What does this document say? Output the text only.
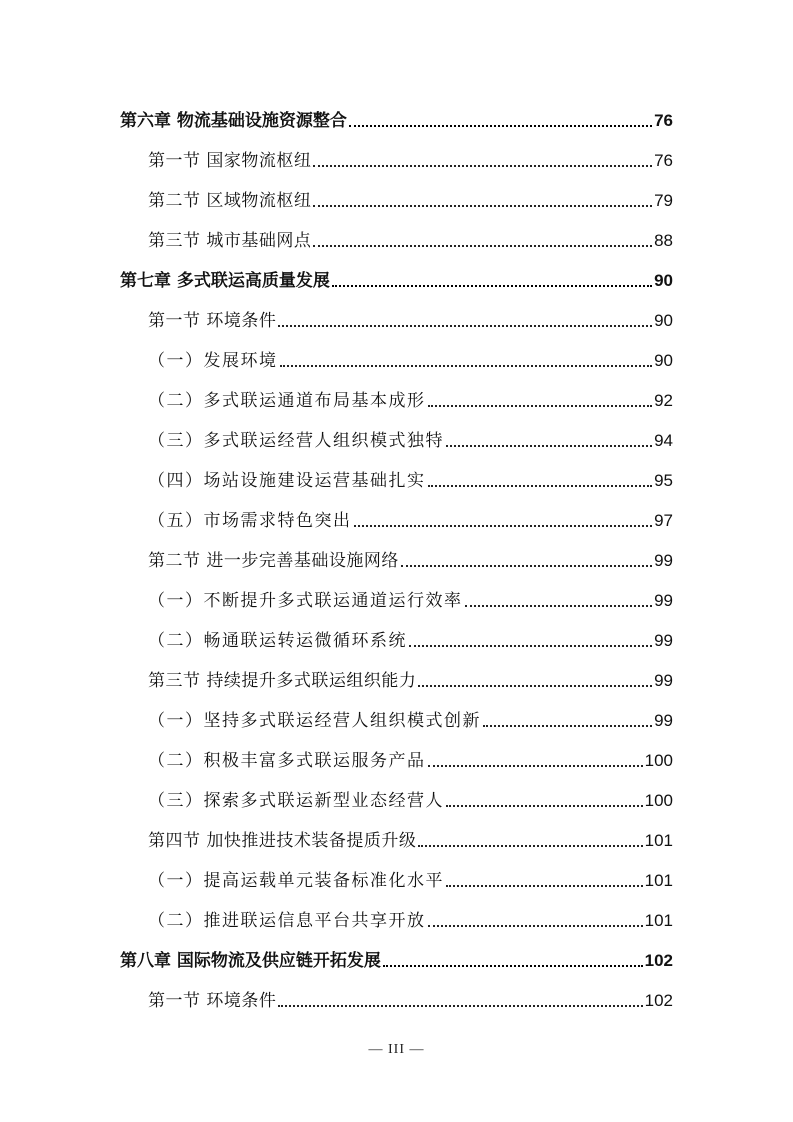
第六章 物流基础设施资源整合	76
第一节 国家物流枢纽	76
第二节 区域物流枢纽	79
第三节 城市基础网点	88
第七章 多式联运高质量发展	90
第一节 环境条件	90
（一）发展环境	90
（二）多式联运通道布局基本成形	92
（三）多式联运经营人组织模式独特	94
（四）场站设施建设运营基础扎实	95
（五）市场需求特色突出	97
第二节 进一步完善基础设施网络	99
（一）不断提升多式联运通道运行效率	99
（二）畅通联运转运微循环系统	99
第三节 持续提升多式联运组织能力	99
（一）坚持多式联运经营人组织模式创新	99
（二）积极丰富多式联运服务产品	100
（三）探索多式联运新型业态经营人	100
第四节 加快推进技术装备提质升级	101
（一）提高运载单元装备标准化水平	101
（二）推进联运信息平台共享开放	101
第八章 国际物流及供应链开拓发展	102
第一节 环境条件	102
— III —
